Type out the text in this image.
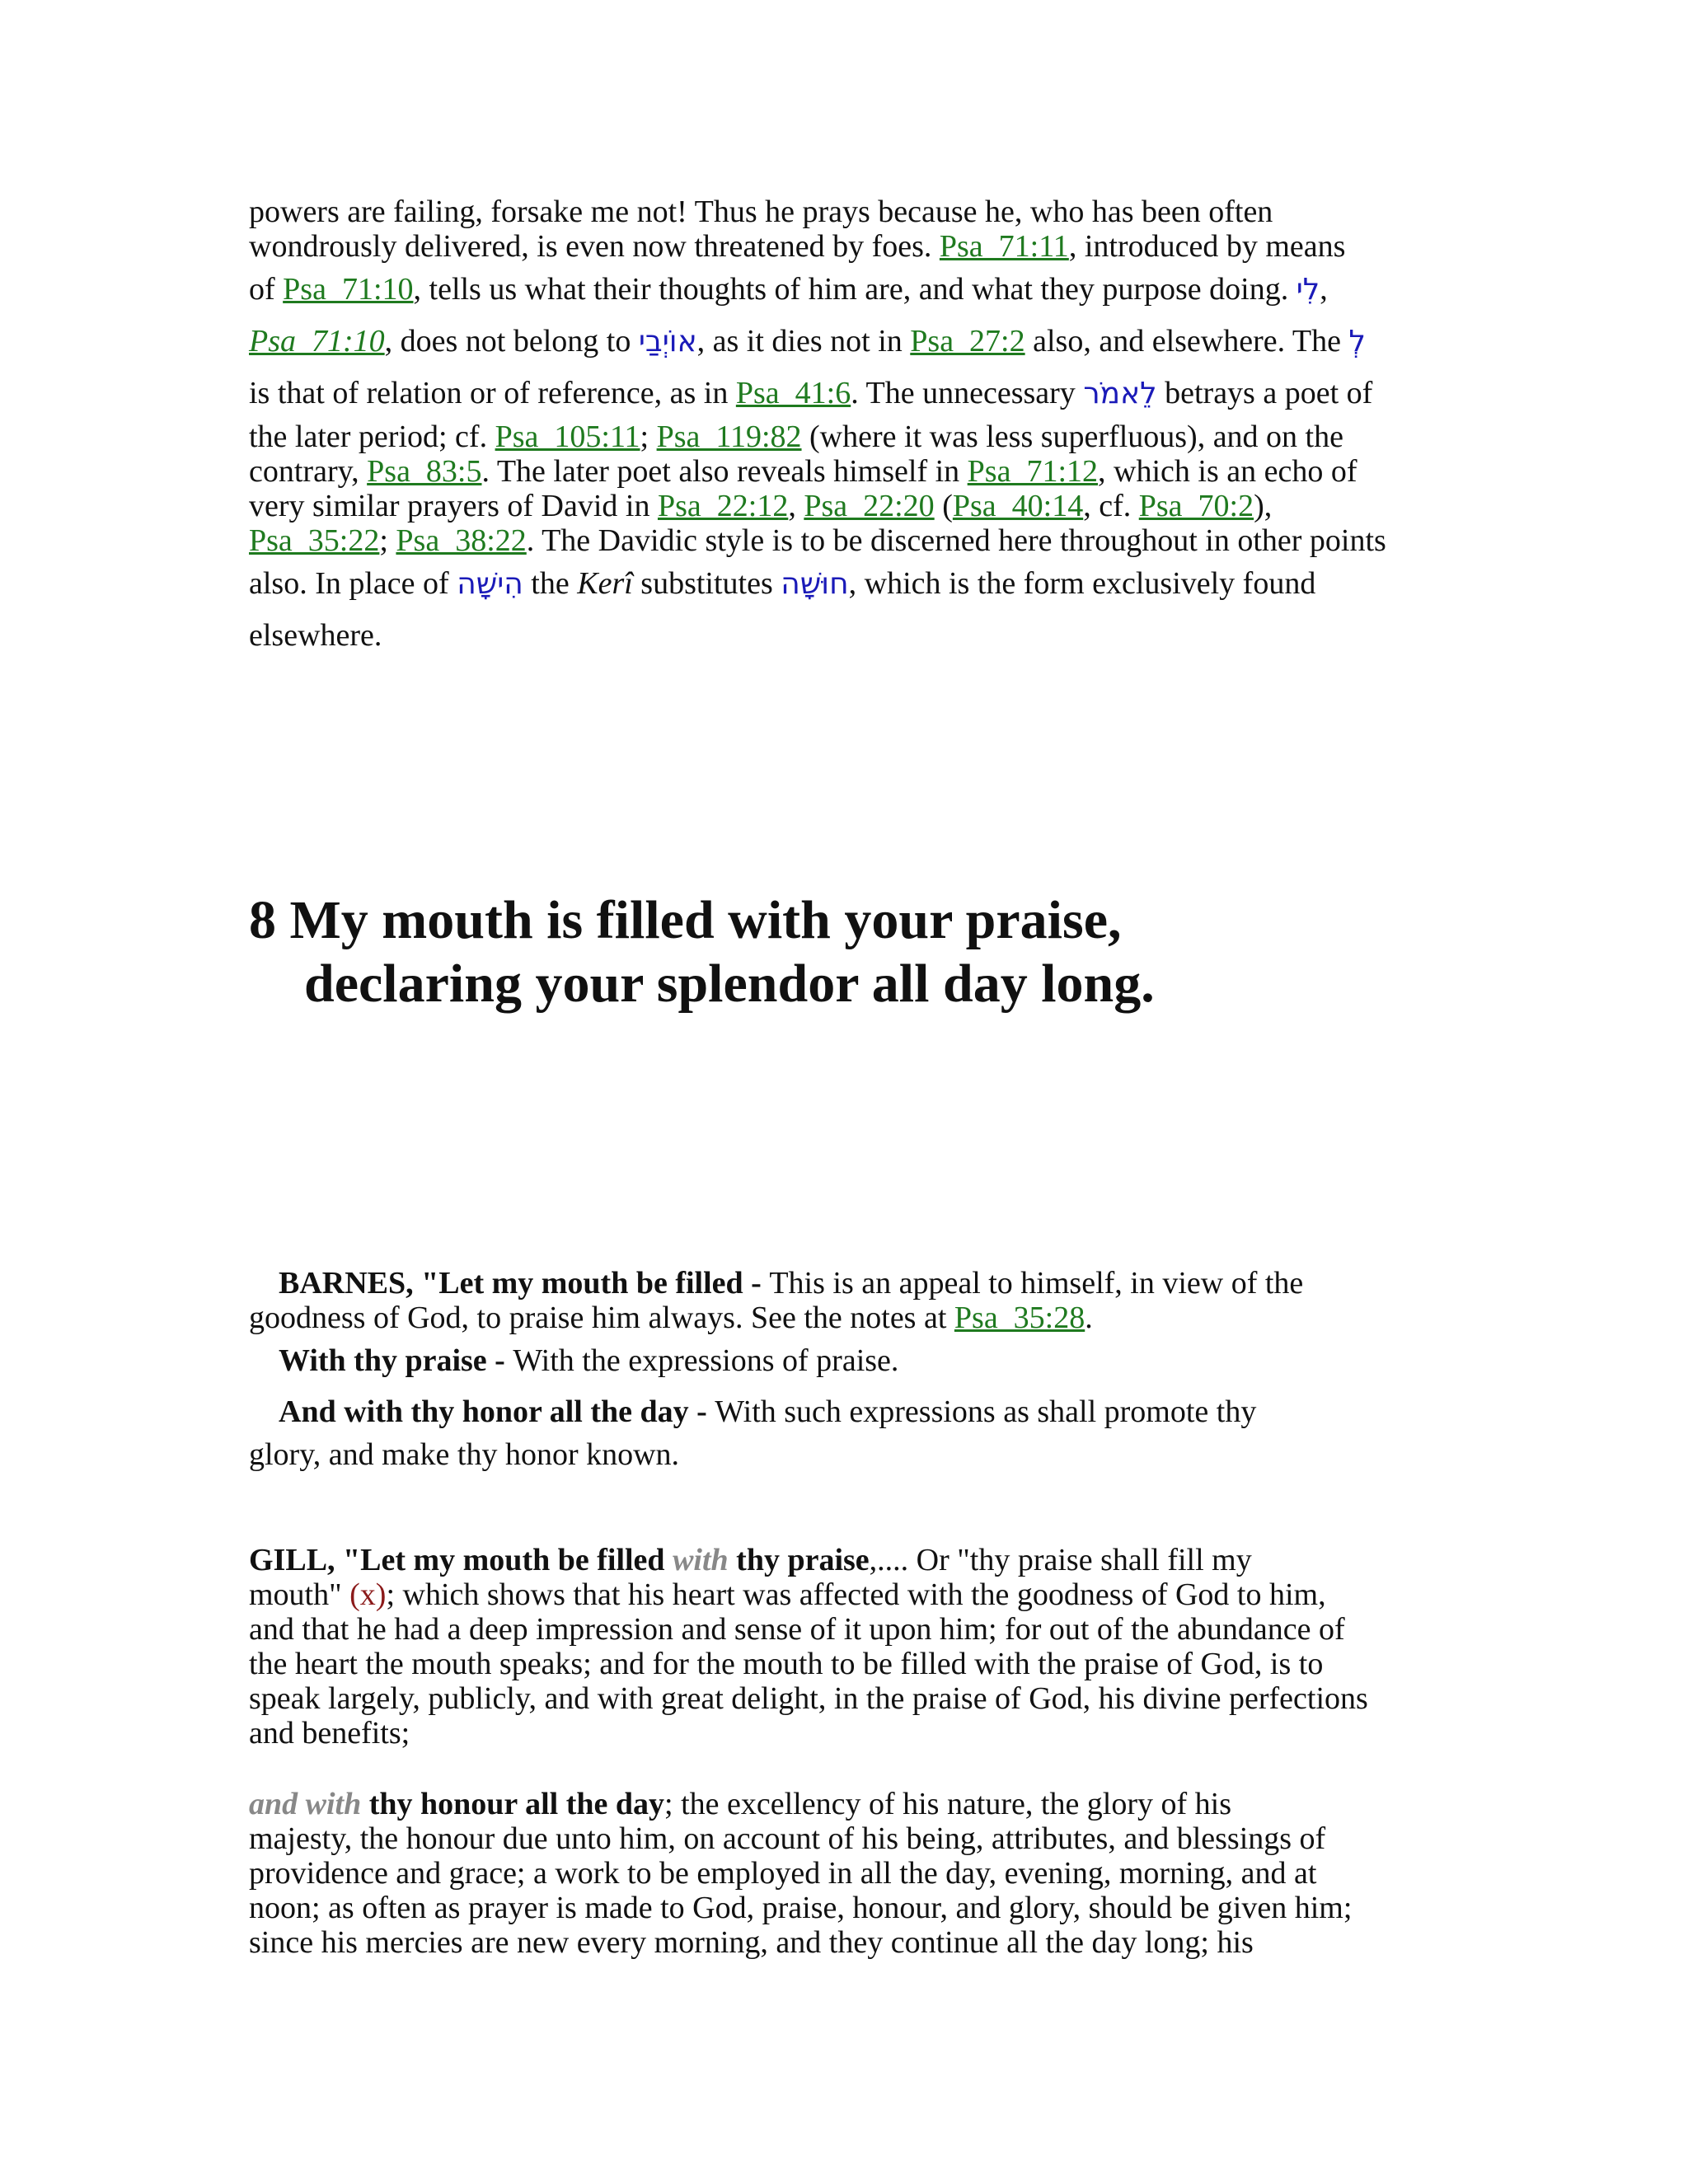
powers are failing, forsake me not! Thus he prays because he, who has been often
wondrously delivered, is even now threatened by foes. Psa_71:11, introduced by means
of Psa_71:10, tells us what their thoughts of him are, and what they purpose doing. לִי,
Psa_71:10, does not belong to אוֹיְבַי, as it dies not in Psa_27:2 also, and elsewhere. The לְ
is that of relation or of reference, as in Psa_41:6. The unnecessary לֵאמֹר betrays a poet of
the later period; cf. Psa_105:11; Psa_119:82 (where it was less superfluous), and on the
contrary, Psa_83:5. The later poet also reveals himself in Psa_71:12, which is an echo of
very similar prayers of David in Psa_22:12, Psa_22:20 (Psa_40:14, cf. Psa_70:2),
Psa_35:22; Psa_38:22. The Davidic style is to be discerned here throughout in other points
also. In place of הִישָׁה the Kerî substitutes חוּשָׁה, which is the form exclusively found
elsewhere.

8 My mouth is filled with your praise,
declaring your splendor all day long.

BARNES, "Let my mouth be filled - This is an appeal to himself, in view of the
goodness of God, to praise him always. See the notes at Psa_35:28.
With thy praise - With the expressions of praise.
And with thy honor all the day - With such expressions as shall promote thy
glory, and make thy honor known.

GILL, "Let my mouth be filled with thy praise,.... Or "thy praise shall fill my
mouth" (x); which shows that his heart was affected with the goodness of God to him,
and that he had a deep impression and sense of it upon him; for out of the abundance of
the heart the mouth speaks; and for the mouth to be filled with the praise of God, is to
speak largely, publicly, and with great delight, in the praise of God, his divine perfections
and benefits;

and with thy honour all the day; the excellency of his nature, the glory of his
majesty, the honour due unto him, on account of his being, attributes, and blessings of
providence and grace; a work to be employed in all the day, evening, morning, and at
noon; as often as prayer is made to God, praise, honour, and glory, should be given him;
since his mercies are new every morning, and they continue all the day long; his
